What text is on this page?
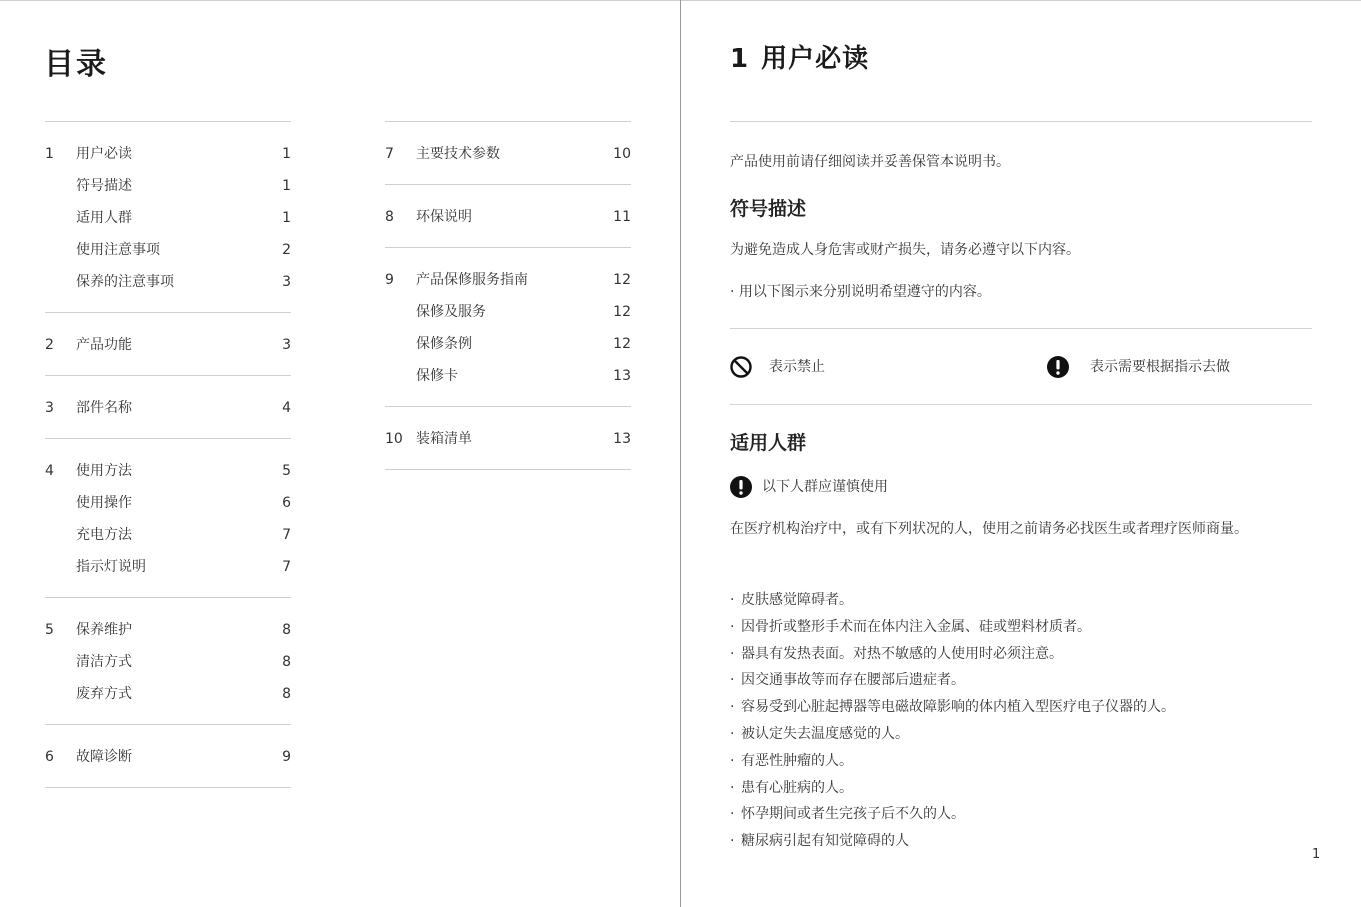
目录
1 用户必读	1
符号描述	1
适用人群	1
使用注意事项	2
保养的注意事项	3
2 产品功能	3
3 部件名称	4
4 使用方法	5
使用操作	6
充电方法	7
指示灯说明	7
5 保养维护	8
清洁方式	8
废弃方式	8
6 故障诊断	9
7 主要技术参数	10
8 环保说明	11
9 产品保修服务指南	12
保修及服务	12
保修条例	12
保修卡	13
10 装箱清单	13
1 用户必读
产品使用前请仔细阅读并妥善保管本说明书。
符号描述
为避免造成人身危害或财产损失，请务必遵守以下内容。
· 用以下图示来分别说明希望遵守的内容。
表示禁止	表示需要根据指示去做
适用人群
以下人群应谨慎使用
在医疗机构治疗中，或有下列状况的人，使用之前请务必找医生或者理疗医师商量。
· 皮肤感觉障碍者。
· 因骨折或整形手术而在体内注入金属、硅或塑料材质者。
· 器具有发热表面。对热不敏感的人使用时必须注意。
· 因交通事故等而存在腰部后遗症者。
· 容易受到心脏起搏器等电磁故障影响的体内植入型医疗电子仪器的人。
· 被认定失去温度感觉的人。
· 有恶性肿瘤的人。
· 患有心脏病的人。
· 怀孕期间或者生完孩子后不久的人。
· 糖尿病引起有知觉障碍的人
1
